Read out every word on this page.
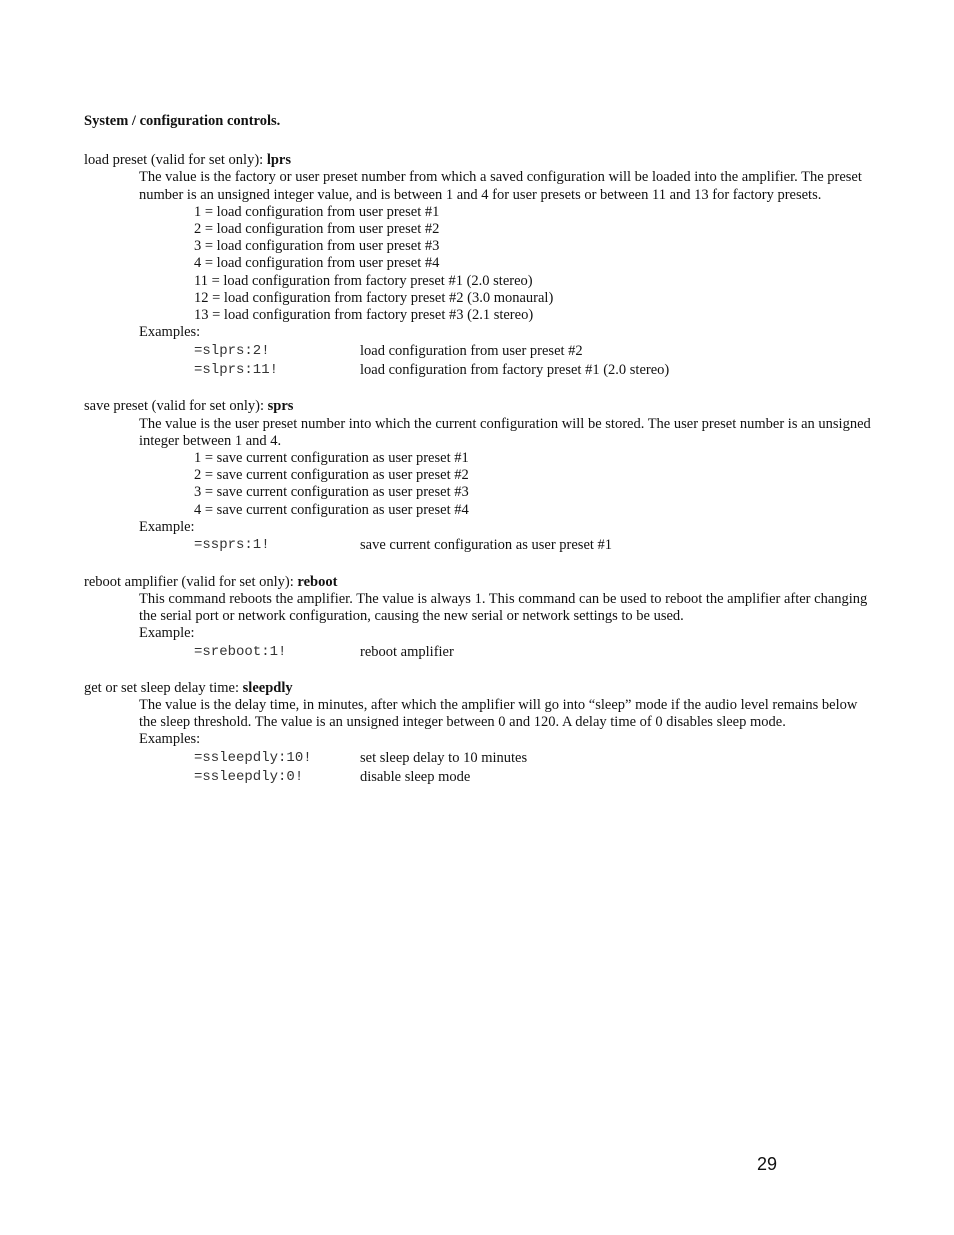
System / configuration controls.

load preset (valid for set only): lprs

The value is the factory or user preset number from which a saved configuration will be loaded into the amplifier. The preset number is an unsigned integer value, and is between 1 and 4 for user presets or between 11 and 13 for factory presets.

1 = load configuration from user preset #1

2 = load configuration from user preset #2

3 = load configuration from user preset #3

4 = load configuration from user preset #4

11 = load configuration from factory preset #1 (2.0 stereo)

12 = load configuration from factory preset #2 (3.0 monaural)

13 = load configuration from factory preset #3 (2.1 stereo)

Examples:

=slprs:2!	load configuration from user preset #2
=slprs:11!	load configuration from factory preset #1 (2.0 stereo)

save preset (valid for set only): sprs

The value is the user preset number into which the current configuration will be stored. The user preset number is an unsigned integer between 1 and 4.

1 = save current configuration as user preset #1

2 = save current configuration as user preset #2

3 = save current configuration as user preset #3

4 = save current configuration as user preset #4

Example:

=ssprs:1!	save current configuration as user preset #1

reboot amplifier (valid for set only): reboot

This command reboots the amplifier. The value is always 1. This command can be used to reboot the amplifier after changing the serial port or network configuration, causing the new serial or network settings to be used.

Example:

=sreboot:1!	reboot amplifier

get or set sleep delay time: sleepdly

The value is the delay time, in minutes, after which the amplifier will go into “sleep” mode if the audio level remains below the sleep threshold. The value is an unsigned integer between 0 and 120. A delay time of 0 disables sleep mode.

Examples:

=ssleepdly:10!	set sleep delay to 10 minutes
=ssleepdly:0!	disable sleep mode
29
